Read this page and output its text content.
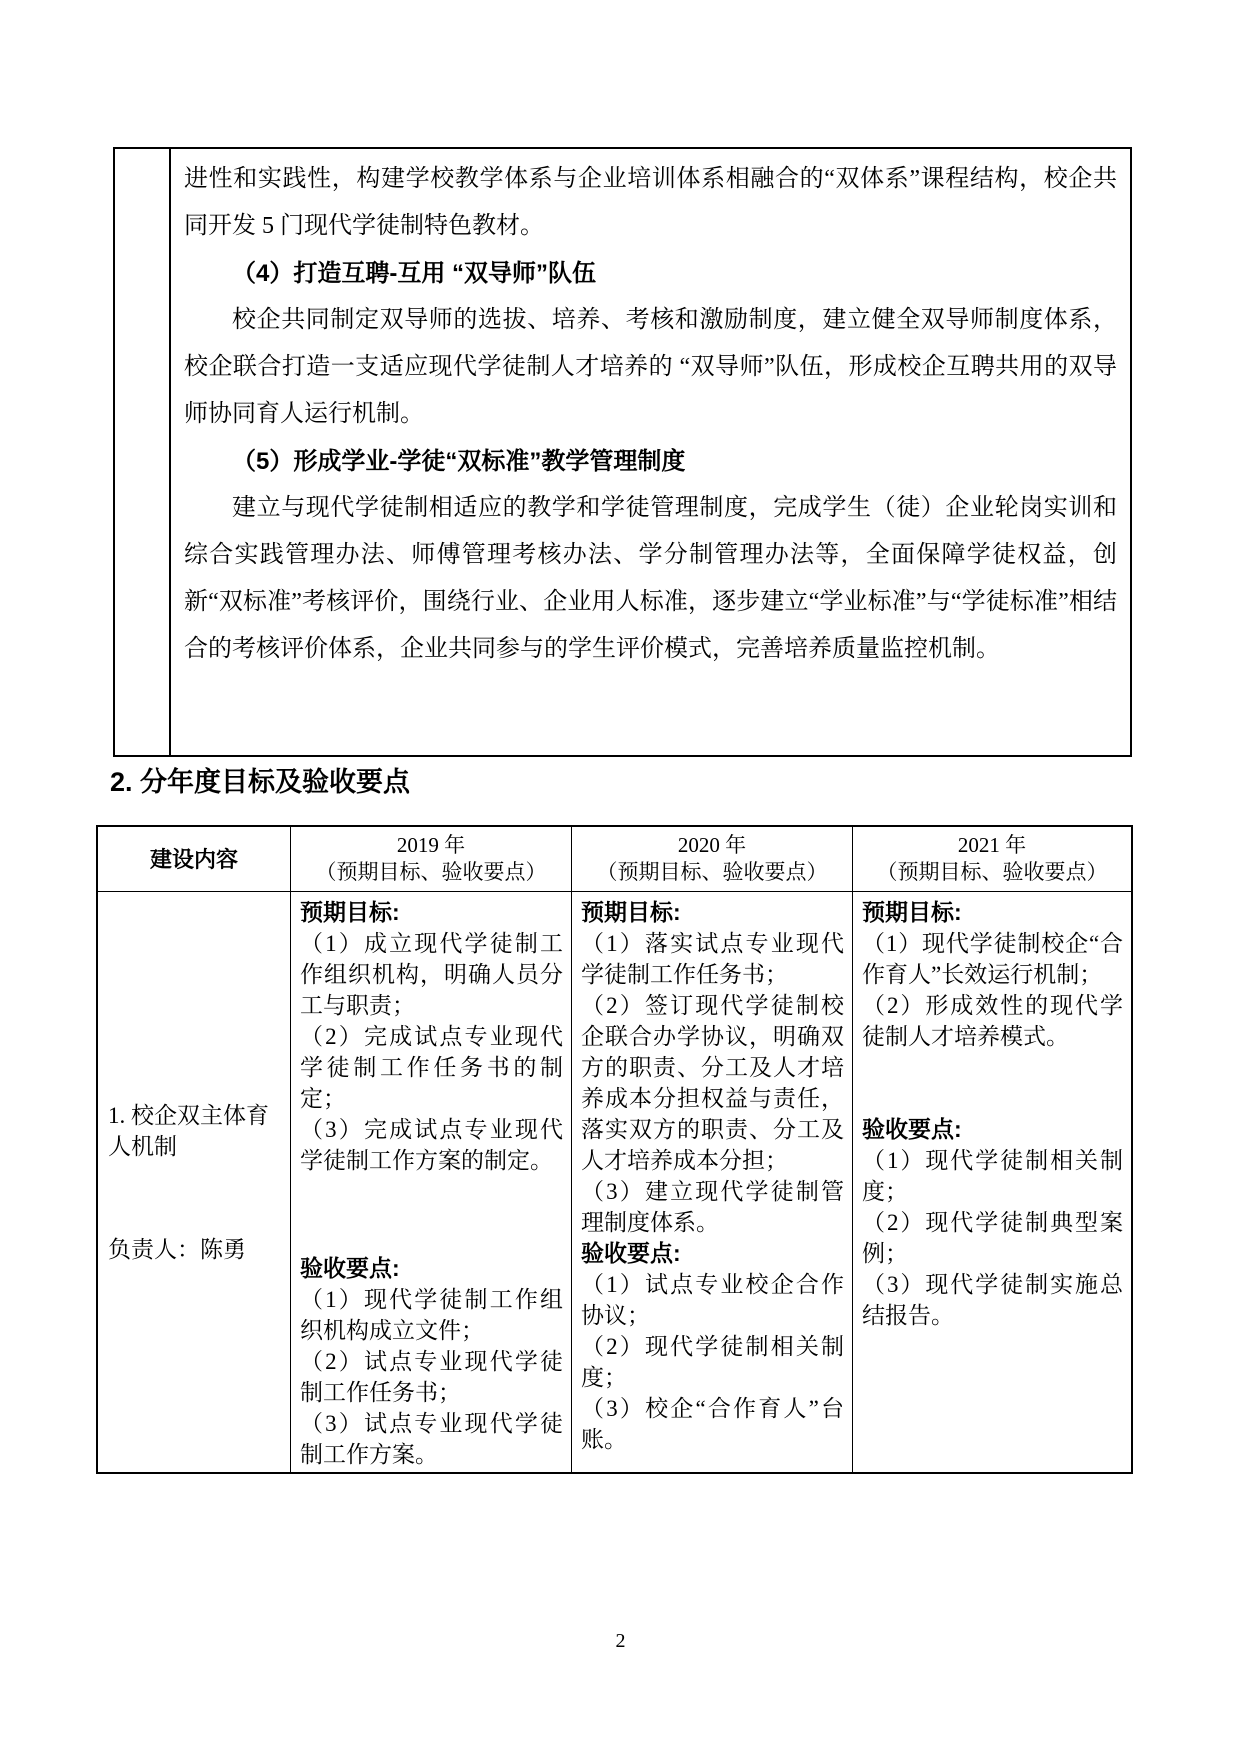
进性和实践性，构建学校教学体系与企业培训体系相融合的“双体系”课程结构，校企共同开发 5 门现代学徒制特色教材。

（4）打造互聘-互用 “双导师”队伍

校企共同制定双导师的选拔、培养、考核和激励制度，建立健全双导师制度体系，校企联合打造一支适应现代学徒制人才培养的 “双导师”队伍，形成校企互聘共用的双导师协同育人运行机制。

（5）形成学业-学徒“双标准”教学管理制度

建立与现代学徒制相适应的教学和学徒管理制度，完成学生（徒）企业轮岗实训和综合实践管理办法、师傅管理考核办法、学分制管理办法等，全面保障学徒权益，创新“双标准”考核评价，围绕行业、企业用人标准，逐步建立“学业标准”与“学徒标准”相结合的考核评价体系，企业共同参与的学生评价模式，完善培养质量监控机制。

2. 分年度目标及验收要点
建设内容
2019 年
（预期目标、验收要点）
2020 年
（预期目标、验收要点）
2021 年
（预期目标、验收要点）

1. 校企双主体育人机制

负责人：陈勇

预期目标:

（1）成立现代学徒制工作组织机构，明确人员分工与职责；

（2）完成试点专业现代学徒制工作任务书的制定；

（3）完成试点专业现代学徒制工作方案的制定。

验收要点:

（1）现代学徒制工作组织机构成立文件；

（2）试点专业现代学徒制工作任务书；

（3）试点专业现代学徒制工作方案。

预期目标:

（1）落实试点专业现代学徒制工作任务书；

（2）签订现代学徒制校企联合办学协议，明确双方的职责、分工及人才培养成本分担权益与责任，落实双方的职责、分工及人才培养成本分担；

（3）建立现代学徒制管理制度体系。

验收要点:

（1）试点专业校企合作协议；

（2）现代学徒制相关制度；

（3）校企“合作育人”台账。

预期目标:

（1）现代学徒制校企“合作育人”长效运行机制；

（2）形成效性的现代学徒制人才培养模式。

验收要点:

（1）现代学徒制相关制度；

（2）现代学徒制典型案例；

（3）现代学徒制实施总结报告。

2
